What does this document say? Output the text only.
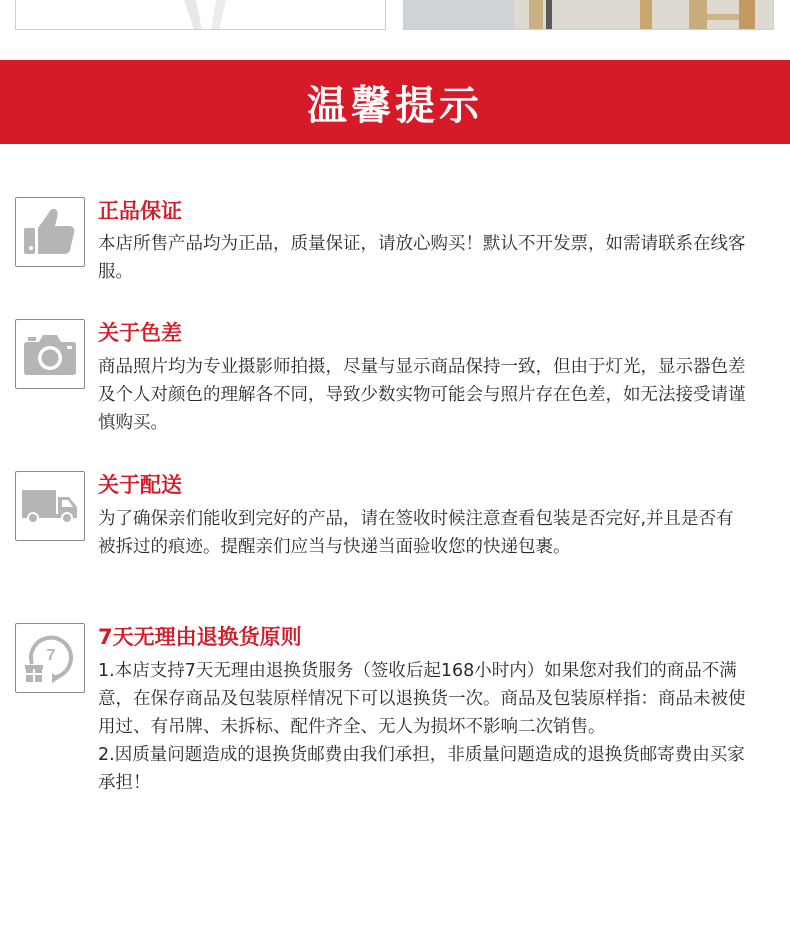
温馨提示
正品保证

本店所售产品均为正品，质量保证，请放心购买！默认不开发票，如需请联系在线客服。

关于色差

商品照片均为专业摄影师拍摄，尽量与显示商品保持一致，但由于灯光，显示器色差及个人对颜色的理解各不同，导致少数实物可能会与照片存在色差，如无法接受请谨慎购买。

关于配送

为了确保亲们能收到完好的产品，请在签收时候注意查看包装是否完好,并且是否有被拆过的痕迹。提醒亲们应当与快递当面验收您的快递包裹。

7
7天无理由退换货原则

1.本店支持7天无理由退换货服务（签收后起168小时内）如果您对我们的商品不满意，在保存商品及包装原样情况下可以退换货一次。商品及包装原样指：商品未被使用过、有吊牌、未拆标、配件齐全、无人为损坏不影响二次销售。

2.因质量问题造成的退换货邮费由我们承担，非质量问题造成的退换货邮寄费由买家承担！
